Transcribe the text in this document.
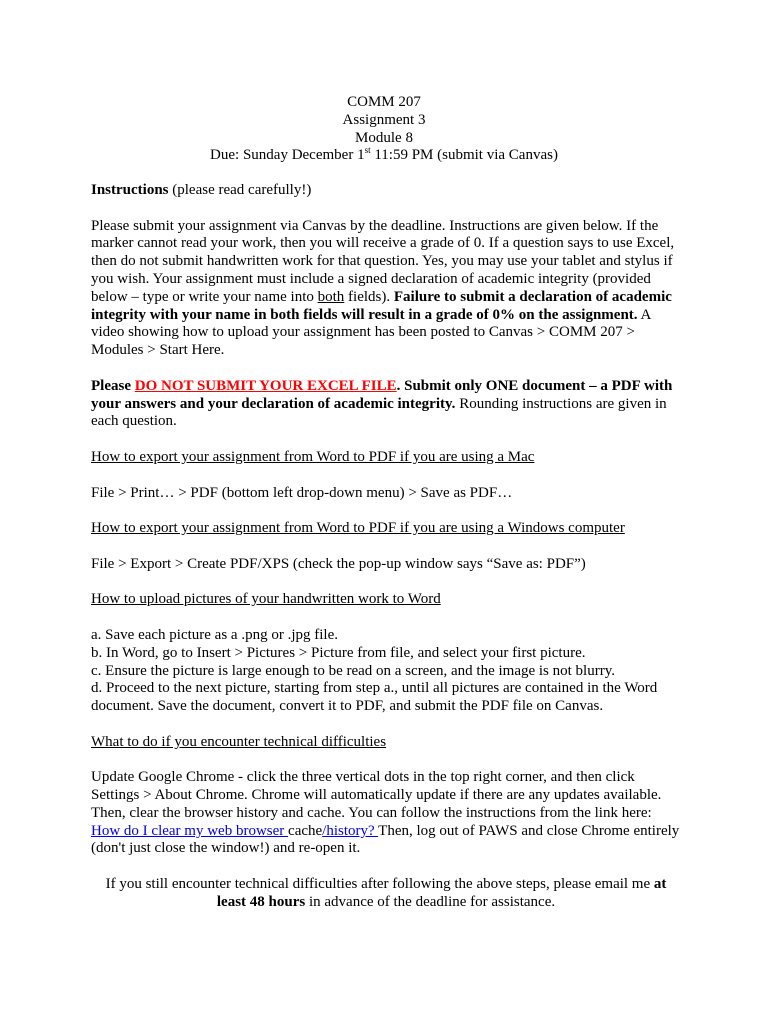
COMM 207
Assignment 3
Module 8
Due: Sunday December 1st 11:59 PM (submit via Canvas)

Instructions (please read carefully!)

Please submit your assignment via Canvas by the deadline. Instructions are given below. If the marker cannot read your work, then you will receive a grade of 0. If a question says to use Excel, then do not submit handwritten work for that question. Yes, you may use your tablet and stylus if you wish. Your assignment must include a signed declaration of academic integrity (provided below – type or write your name into both fields). Failure to submit a declaration of academic integrity with your name in both fields will result in a grade of 0% on the assignment. A video showing how to upload your assignment has been posted to Canvas > COMM 207 > Modules > Start Here.

Please DO NOT SUBMIT YOUR EXCEL FILE. Submit only ONE document – a PDF with your answers and your declaration of academic integrity. Rounding instructions are given in each question.

How to export your assignment from Word to PDF if you are using a Mac

File > Print… > PDF (bottom left drop-down menu) > Save as PDF…

How to export your assignment from Word to PDF if you are using a Windows computer

File > Export > Create PDF/XPS (check the pop-up window says “Save as: PDF”)

How to upload pictures of your handwritten work to Word

a. Save each picture as a .png or .jpg file.
b. In Word, go to Insert > Pictures > Picture from file, and select your first picture.
c. Ensure the picture is large enough to be read on a screen, and the image is not blurry.
d. Proceed to the next picture, starting from step a., until all pictures are contained in the Word document. Save the document, convert it to PDF, and submit the PDF file on Canvas.

What to do if you encounter technical difficulties

Update Google Chrome - click the three vertical dots in the top right corner, and then click Settings > About Chrome. Chrome will automatically update if there are any updates available. Then, clear the browser history and cache. You can follow the instructions from the link here: How do I clear my web browser cache/history? Then, log out of PAWS and close Chrome entirely (don't just close the window!) and re-open it.

If you still encounter technical difficulties after following the above steps, please email me at least 48 hours in advance of the deadline for assistance.
